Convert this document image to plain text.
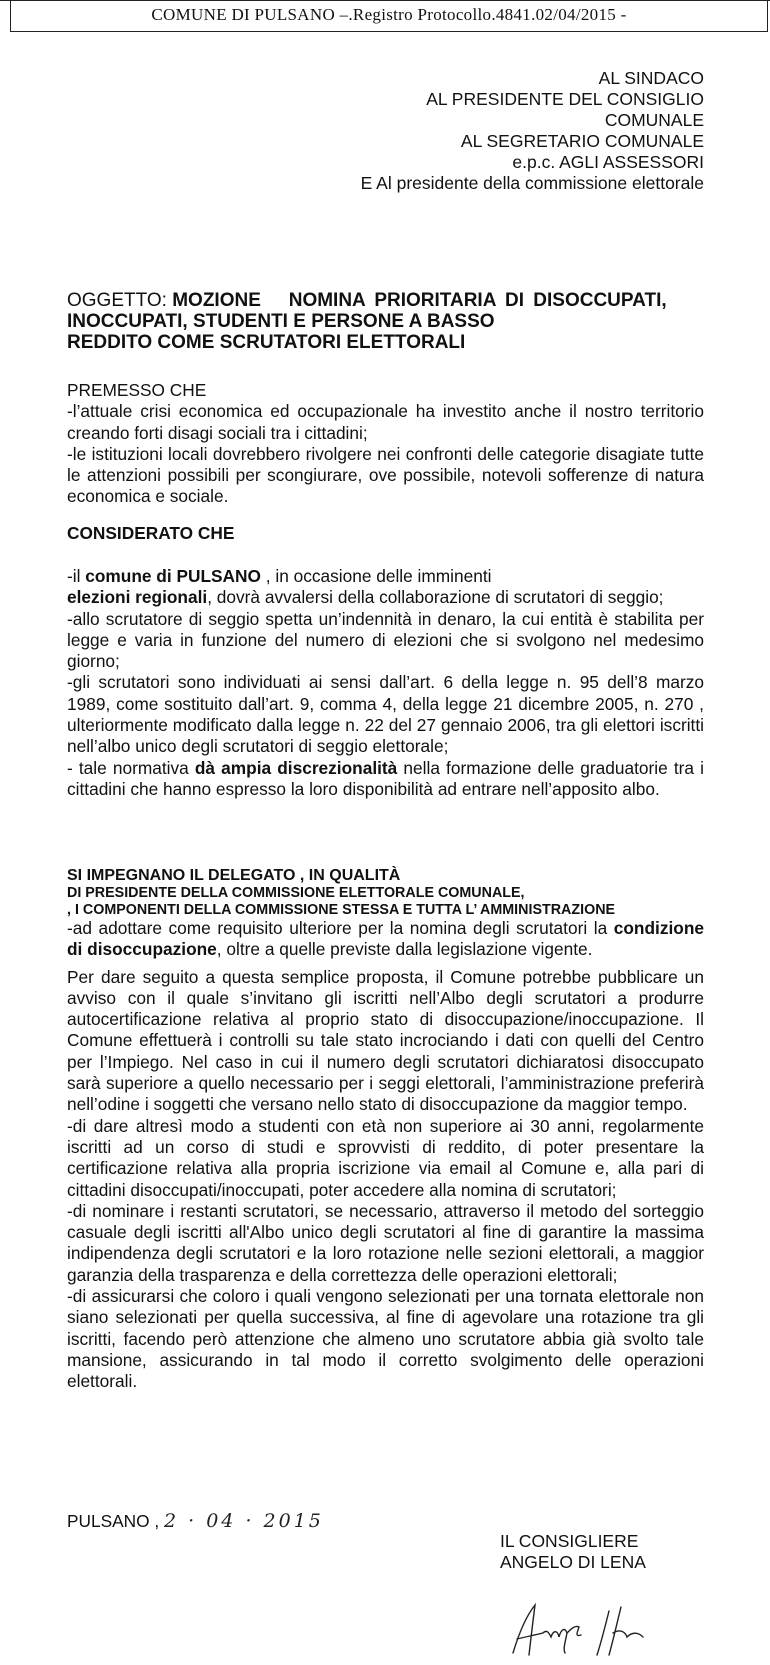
COMUNE DI PULSANO –.Registro Protocollo.4841.02/04/2015 -
AL SINDACO
AL PRESIDENTE DEL CONSIGLIO
COMUNALE
AL SEGRETARIO COMUNALE
e.p.c. AGLI ASSESSORI
E Al presidente della commissione elettorale
OGGETTO: MOZIONE   NOMINA PRIORITARIA DI DISOCCUPATI,
INOCCUPATI, STUDENTI E PERSONE A BASSO
REDDITO COME SCRUTATORI ELETTORALI

PREMESSO CHE

-l’attuale crisi economica ed occupazionale ha investito anche il nostro territorio creando forti disagi sociali tra i cittadini;

-le istituzioni locali dovrebbero rivolgere nei confronti delle categorie disagiate tutte le attenzioni possibili per scongiurare, ove possibile, notevoli sofferenze di natura economica e sociale.

CONSIDERATO CHE

-il comune di PULSANO , in occasione delle imminenti

elezioni regionali, dovrà avvalersi della collaborazione di scrutatori di seggio;

-allo scrutatore di seggio spetta un’indennità in denaro, la cui entità è stabilita per legge e varia in funzione del numero di elezioni che si svolgono nel medesimo giorno;

-gli scrutatori sono individuati ai sensi dall’art. 6 della legge n. 95 dell’8 marzo 1989, come sostituito dall’art. 9, comma 4, della legge 21 dicembre 2005, n. 270 , ulteriormente modificato dalla legge n. 22 del 27 gennaio 2006, tra gli elettori iscritti nell’albo unico degli scrutatori di seggio elettorale;

- tale normativa dà ampia discrezionalità nella formazione delle graduatorie tra i cittadini che hanno espresso la loro disponibilità ad entrare nell’apposito albo.

SI IMPEGNANO IL DELEGATO , IN QUALITÀ

DI PRESIDENTE DELLA COMMISSIONE ELETTORALE COMUNALE,

, I COMPONENTI DELLA COMMISSIONE STESSA E TUTTA L’ AMMINISTRAZIONE

-ad adottare come requisito ulteriore per la nomina degli scrutatori la condizione di disoccupazione, oltre a quelle previste dalla legislazione vigente.

Per dare seguito a questa semplice proposta, il Comune potrebbe pubblicare un avviso con il quale s’invitano gli iscritti nell’Albo degli scrutatori a produrre autocertificazione relativa al proprio stato di disoccupazione/inoccupazione. Il Comune effettuerà i controlli su tale stato incrociando i dati con quelli del Centro per l’Impiego. Nel caso in cui il numero degli scrutatori dichiaratosi disoccupato sarà superiore a quello necessario per i seggi elettorali, l’amministrazione preferirà nell’odine i soggetti che versano nello stato di disoccupazione da maggior tempo.

-di dare altresì modo a studenti con età non superiore ai 30 anni, regolarmente iscritti ad un corso di studi e sprovvisti di reddito, di poter presentare la certificazione relativa alla propria iscrizione via email al Comune e, alla pari di cittadini disoccupati/inoccupati, poter accedere alla nomina di scrutatori;

-di nominare i restanti scrutatori, se necessario, attraverso il metodo del sorteggio casuale degli iscritti all'Albo unico degli scrutatori al fine di garantire la massima indipendenza degli scrutatori e la loro rotazione nelle sezioni elettorali, a maggior garanzia della trasparenza e della correttezza delle operazioni elettorali;

-di assicurarsi che coloro i quali vengono selezionati per una tornata elettorale non siano selezionati per quella successiva, al fine di agevolare una rotazione tra gli iscritti, facendo però attenzione che almeno uno scrutatore abbia già svolto tale mansione, assicurando in tal modo il corretto svolgimento delle operazioni elettorali.

PULSANO , 2 · 04 · 2015
IL CONSIGLIERE
ANGELO DI LENA
